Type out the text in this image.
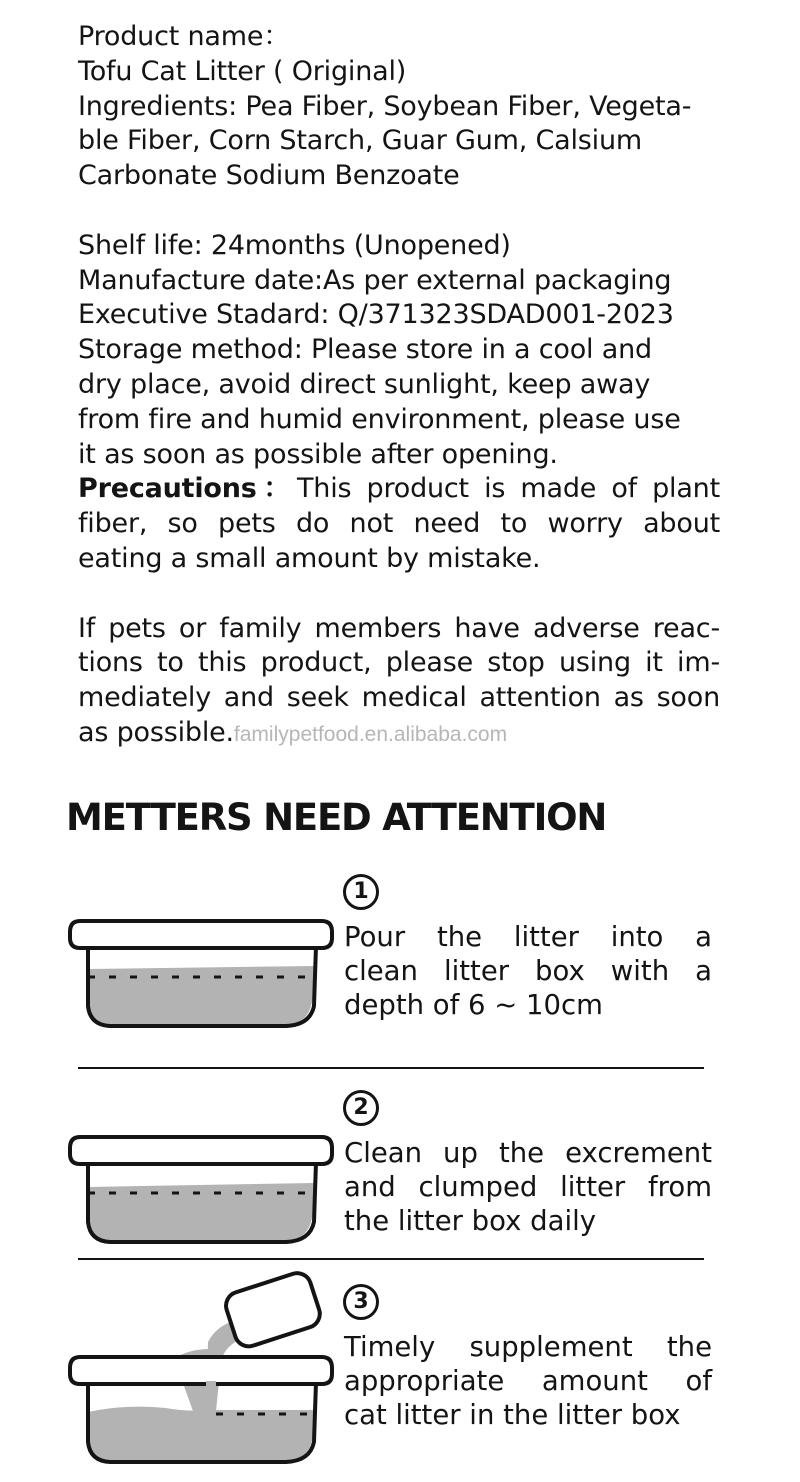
Product name：
Tofu Cat Litter ( Original)
Ingredients: Pea Fiber, Soybean Fiber, Vegeta-
ble Fiber, Corn Starch, Guar Gum, Calsium
Carbonate Sodium Benzoate
Shelf life: 24months (Unopened)
Manufacture date:As per external packaging
Executive Stadard: Q/371323SDAD001-2023
Storage method: Please store in a cool and
dry place, avoid direct sunlight, keep away
from fire and humid environment, please use
it as soon as possible after opening.
Precautions：This product is made of plant
fiber, so pets do not need to worry about
eating a small amount by mistake.
If pets or family members have adverse reac-
tions to this product, please stop using it im-
mediately and seek medical attention as soon
as possible.familypetfood.en.alibaba.com
METTERS NEED ATTENTION
1
Pour the litter into a
clean litter box with a
depth of 6 ~ 10cm
2
Clean up the excrement
and clumped litter from
the litter box daily
3
Timely supplement the
appropriate amount of
cat litter in the litter box
